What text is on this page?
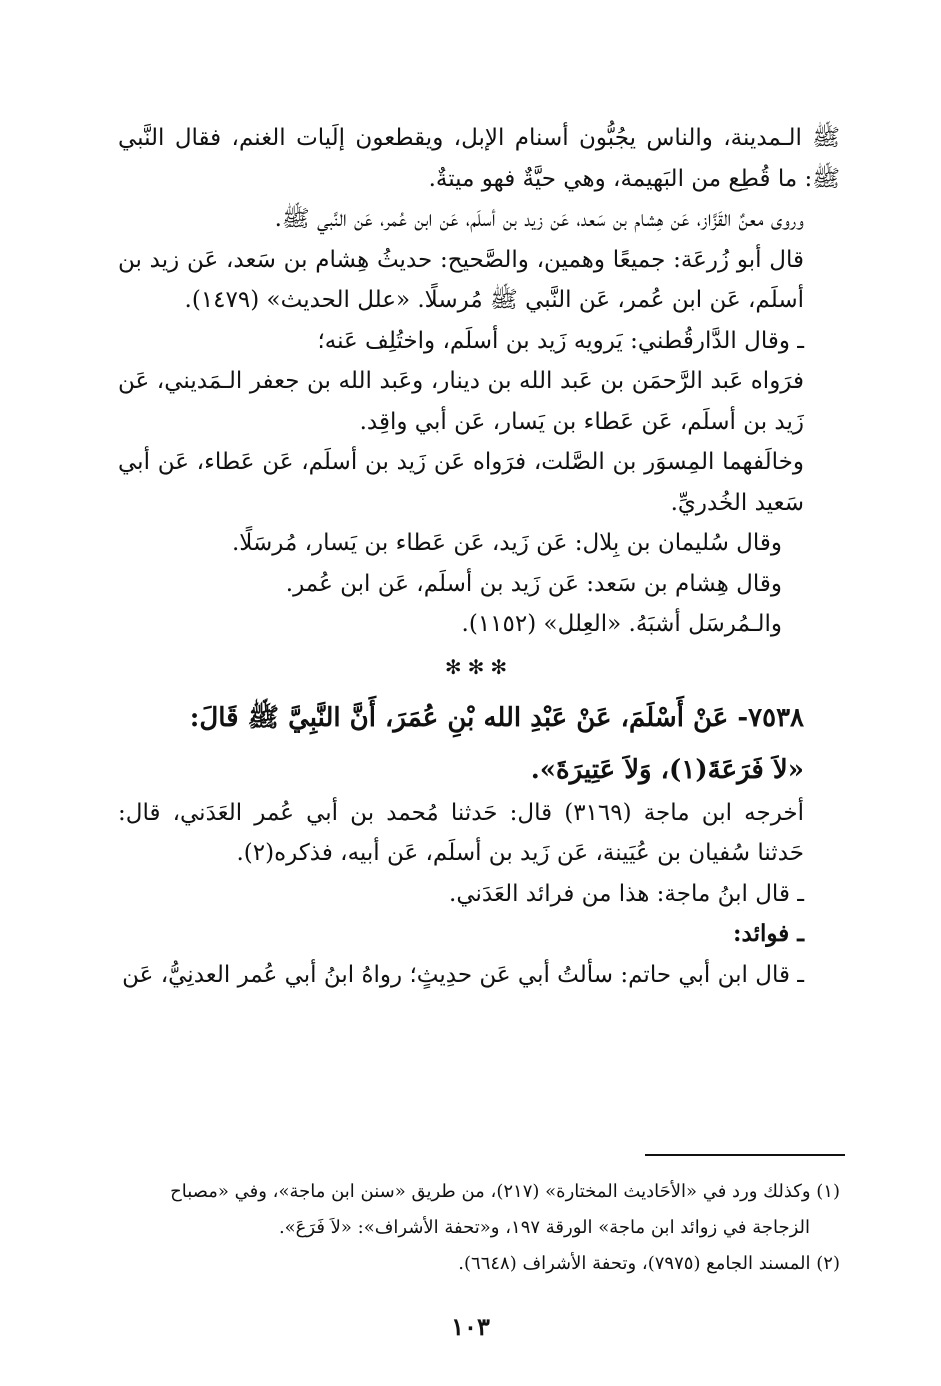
ﷺ الـمدينة، والناس يجُبُّون أسنام الإبل، ويقطعون إلَيات الغنم، فقال النَّبي ﷺ: ما قُطِع من البَهيمة، وهي حيَّةٌ فهو ميتةٌ.

وروى معنٌ القَزَّاز، عَن هِشام بن سَعد، عَن زيد بن أسلَم، عَن ابن عُمر، عَن النَّبي ﷺ.

قال أبو زُرعَة: جميعًا وهمين، والصَّحيح: حديثُ هِشام بن سَعد، عَن زيد بن أسلَم، عَن ابن عُمر، عَن النَّبي ﷺ مُرسلًا. «علل الحديث» (١٤٧٩).

ـ وقال الدَّارقُطني: يَرويه زَيد بن أسلَم، واختُلِف عَنه؛

فرَواه عَبد الرَّحمَن بن عَبد الله بن دينار، وعَبد الله بن جعفر الـمَديني، عَن زَيد بن أسلَم، عَن عَطاء بن يَسار، عَن أبي واقِد.

وخالَفهما المِسوَر بن الصَّلت، فرَواه عَن زَيد بن أسلَم، عَن عَطاء، عَن أبي سَعيد الخُدريِّ.

وقال سُليمان بن بِلال: عَن زَيد، عَن عَطاء بن يَسار، مُرسَلًا.

وقال هِشام بن سَعد: عَن زَيد بن أسلَم، عَن ابن عُمر.

والـمُرسَل أشبَهُ. «العِلل» (١١٥٢).

✻✻✻

٧٥٣٨- عَنْ أَسْلَمَ، عَنْ عَبْدِ الله بْنِ عُمَرَ، أَنَّ النَّبِيَّ ﷺ قَالَ:

«لاَ فَرَعَةَ(١)، وَلاَ عَتِيرَةَ».

أخرجه ابن ماجة (٣١٦٩) قال: حَدثنا مُحمد بن أبي عُمر العَدَني، قال: حَدثنا سُفيان بن عُيَينة، عَن زَيد بن أسلَم، عَن أبيه، فذكره(٢).

ـ قال ابنُ ماجة: هذا من فرائد العَدَني.

ـ فوائد:

ـ قال ابن أبي حاتم: سألتُ أبي عَن حدِيثٍ؛ رواهُ ابنُ أبي عُمر العدنِيُّ، عَن

(١) وكذلك ورد في «الأحَاديث المختارة» (٢١٧)، من طريق «سنن ابن ماجة»، وفي «مصباح

الزجاجة في زوائد ابن ماجة» الورقة ١٩٧، و«تحفة الأشراف»: «لاَ فَرَعَ».

(٢) المسند الجامع (٧٩٧٥)، وتحفة الأشراف (٦٦٤٨).

١٠٣
